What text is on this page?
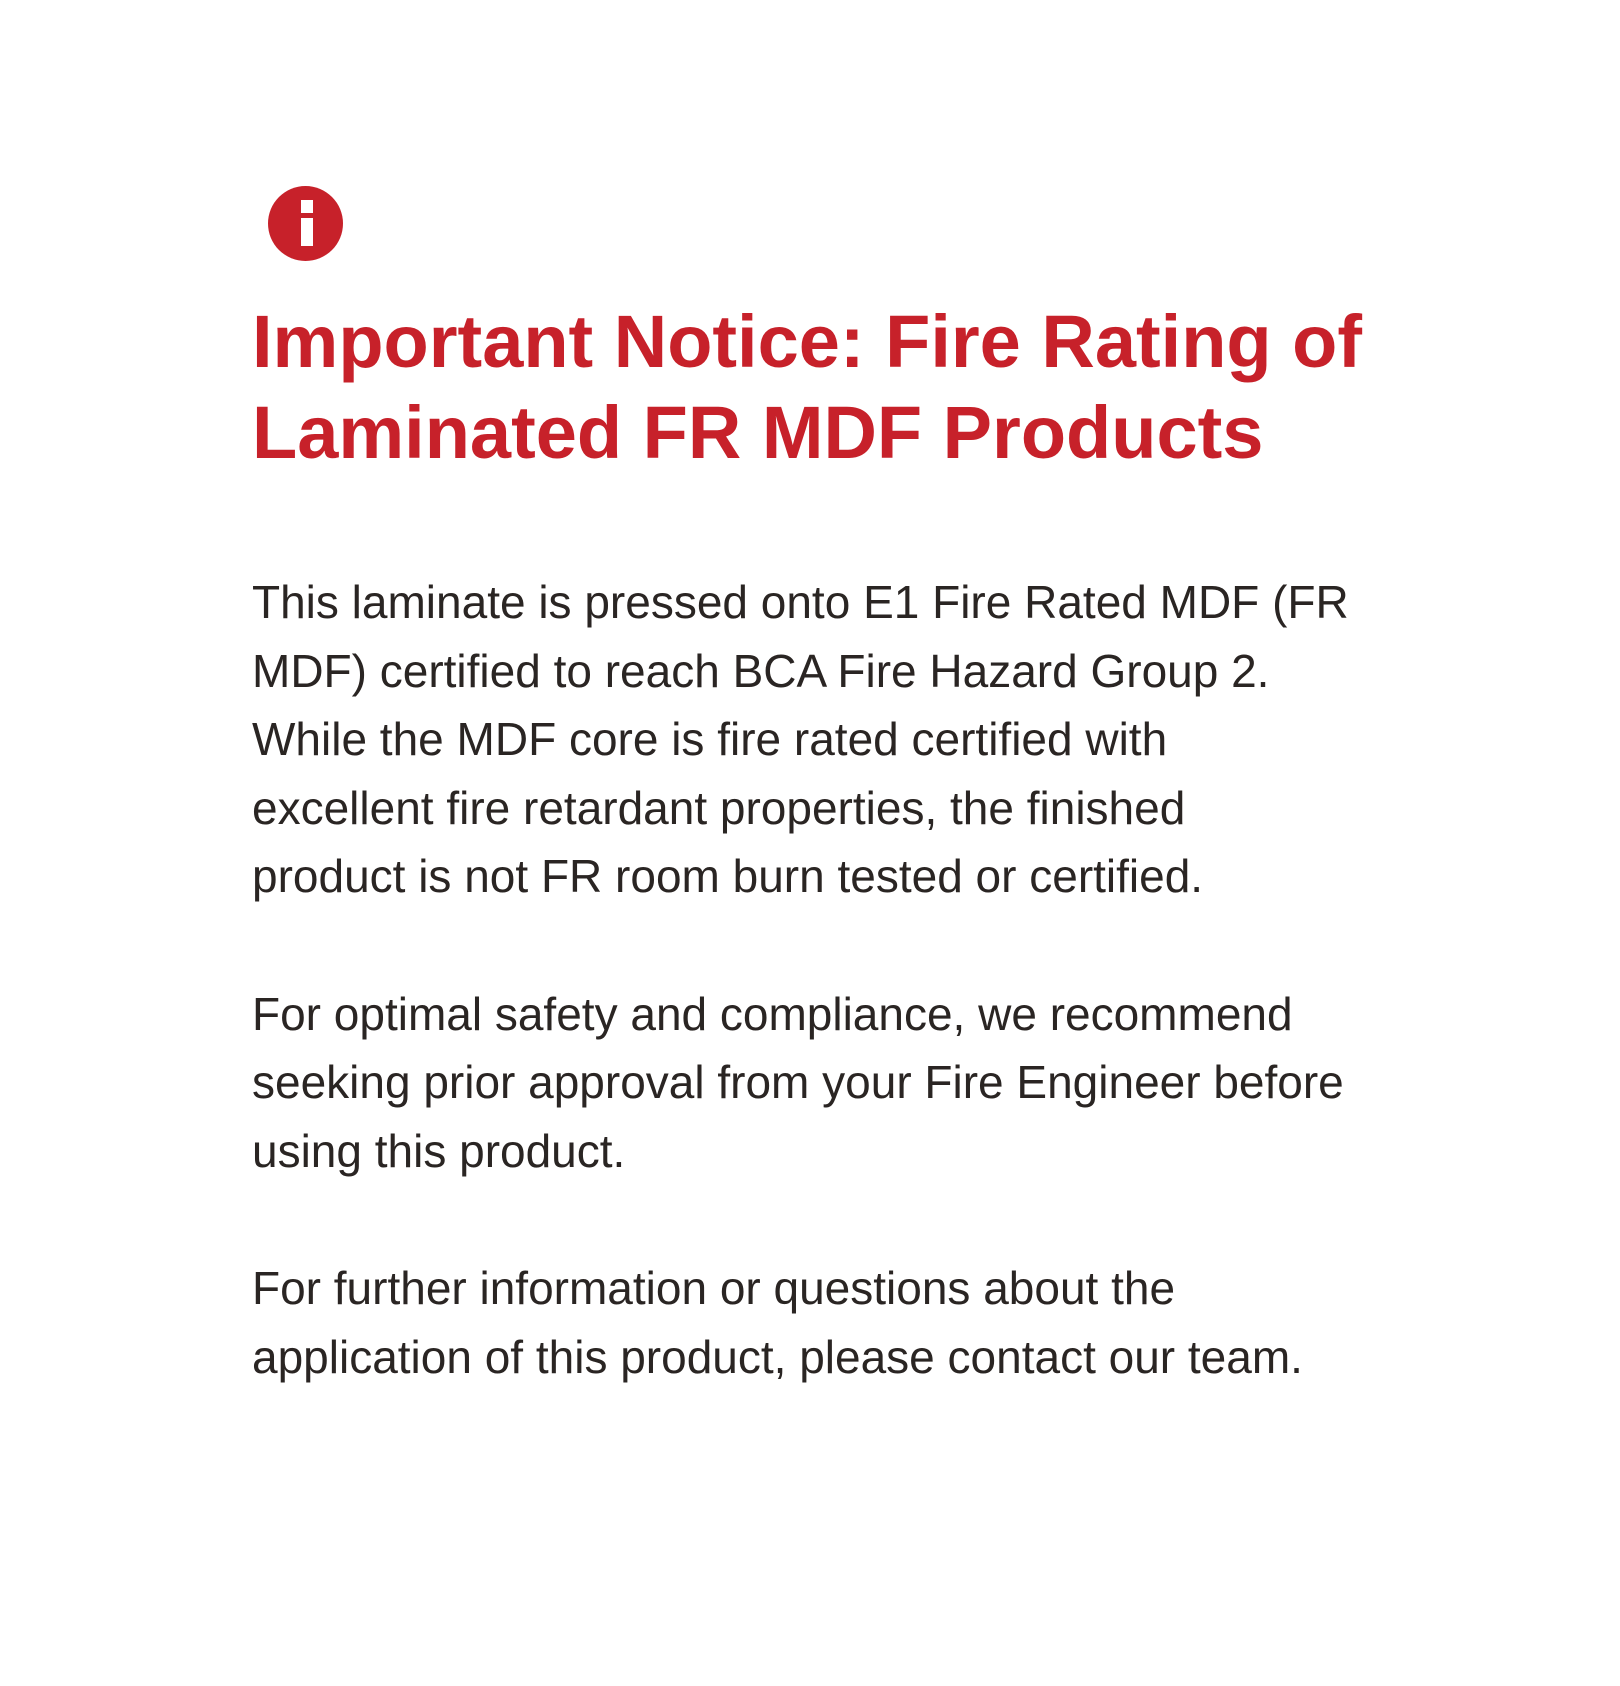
Important Notice: Fire Rating of
Laminated FR MDF Products

This laminate is pressed onto E1 Fire Rated MDF (FR
MDF) certified to reach BCA Fire Hazard Group 2.
While the MDF core is fire rated certified with
excellent fire retardant properties, the finished
product is not FR room burn tested or certified.

For optimal safety and compliance, we recommend
seeking prior approval from your Fire Engineer before
using this product.

For further information or questions about the
application of this product, please contact our team.
